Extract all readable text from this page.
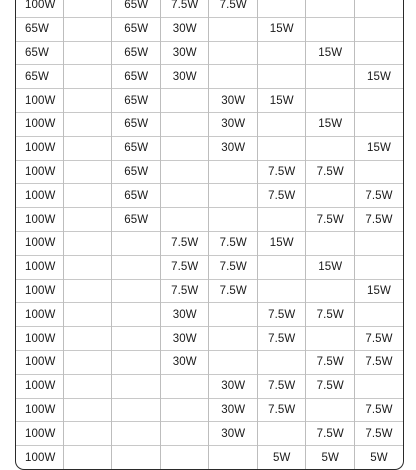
100W		65W	7.5W	7.5W			
65W		65W	30W		15W		
65W		65W	30W			15W	
65W		65W	30W				15W
100W		65W		30W	15W		
100W		65W		30W		15W	
100W		65W		30W			15W
100W		65W			7.5W	7.5W	
100W		65W			7.5W		7.5W
100W		65W				7.5W	7.5W
100W			7.5W	7.5W	15W		
100W			7.5W	7.5W		15W	
100W			7.5W	7.5W			15W
100W			30W		7.5W	7.5W	
100W			30W		7.5W		7.5W
100W			30W			7.5W	7.5W
100W				30W	7.5W	7.5W	
100W				30W	7.5W		7.5W
100W				30W		7.5W	7.5W
100W					5W	5W	5W
